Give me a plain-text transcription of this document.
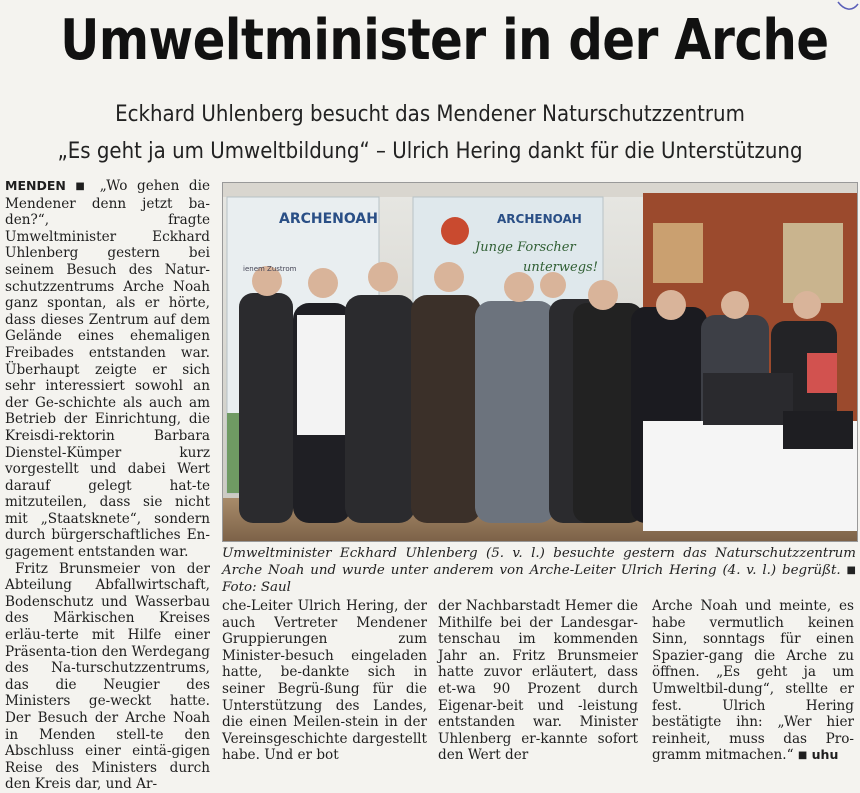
Umweltminister in der Arche
Eckhard Uhlenberg besucht das Mendener Naturschutzzentrum
„Es geht ja um Umweltbildung“ – Ulrich Hering dankt für die Unterstützung

MENDEN ■ „Wo gehen die Mendener denn jetzt ba-den?“, fragte Umweltminister Eckhard Uhlenberg gestern bei seinem Besuch des Natur-schutzzentrums Arche Noah ganz spontan, als er hörte, dass dieses Zentrum auf dem Gelände eines ehemaligen Freibades entstanden war. Überhaupt zeigte er sich sehr interessiert sowohl an der Ge-schichte als auch am Betrieb der Einrichtung, die Kreisdi-rektorin Barbara Dienstel-Kümper kurz vorgestellt und dabei Wert darauf gelegt hat-te mitzuteilen, dass sie nicht mit „Staatsknete“, sondern durch bürgerschaftliches En-gagement entstanden war.

Fritz Brunsmeier von der Abteilung Abfallwirtschaft, Bodenschutz und Wasserbau des Märkischen Kreises erläu-terte mit Hilfe einer Präsenta-tion den Werdegang des Na-turschutzzentrums, das die Neugier des Ministers ge-weckt hatte. Der Besuch der Arche Noah in Menden stell-te den Abschluss einer eintä-gigen Reise des Ministers durch den Kreis dar, und Ar-

ARCHENOAH
ienem Zustrom
ARCHENOAH
Junge Forscher
unterwegs!
Umweltminister Eckhard Uhlenberg (5. v. l.) besuchte gestern das Naturschutzzentrum Arche Noah und wurde unter anderem von Arche-Leiter Ulrich Hering (4. v. l.) begrüßt. ■ Foto: Saul

che-Leiter Ulrich Hering, der auch Vertreter Mendener Gruppierungen zum Minister-besuch eingeladen hatte, be-dankte sich in seiner Begrü-ßung für die Unterstützung des Landes, die einen Meilen-stein in der Vereinsgeschichte dargestellt habe. Und er bot

der Nachbarstadt Hemer die Mithilfe bei der Landesgar-tenschau im kommenden Jahr an. Fritz Brunsmeier hatte zuvor erläutert, dass et-wa 90 Prozent durch Eigenar-beit und -leistung entstanden war. Minister Uhlenberg er-kannte sofort den Wert der

Arche Noah und meinte, es habe vermutlich keinen Sinn, sonntags für einen Spazier-gang die Arche zu öffnen. „Es geht ja um Umweltbil-dung“, stellte er fest. Ulrich Hering bestätigte ihn: „Wer hier reinheit, muss das Pro-gramm mitmachen.“ ■ uhu
